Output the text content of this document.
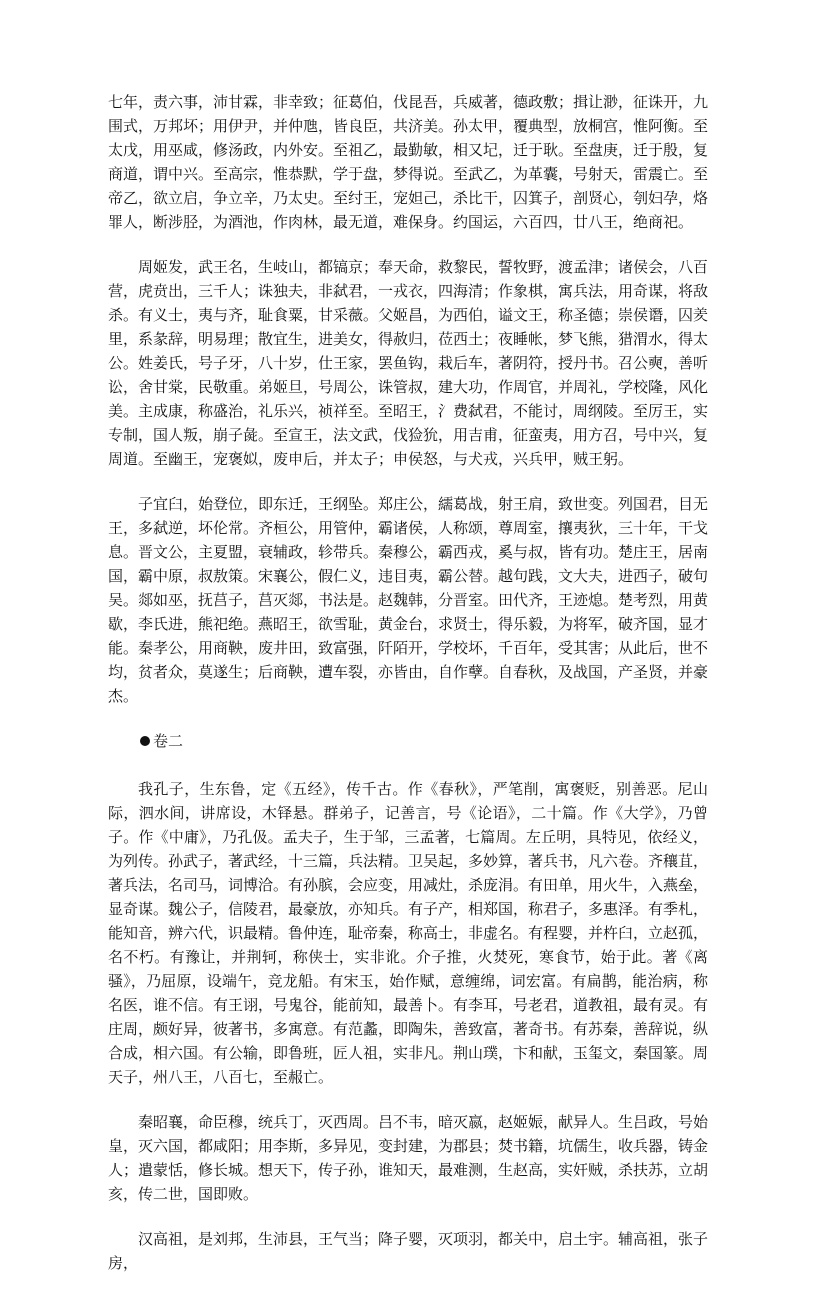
七年，责六事，沛甘霖，非幸致；征葛伯，伐昆吾，兵威著，德政敷；揖让渺，征诛开，九围式，万邦坏；用伊尹，并仲虺，皆良臣，共济美。孙太甲，覆典型，放桐宫，惟阿衡。至太戊，用巫咸，修汤政，内外安。至祖乙，最勤敏，相又圮，迁于耿。至盘庚，迁于殷，复商道，谓中兴。至高宗，惟恭默，学于盘，梦得说。至武乙，为革囊，号射天，雷震亡。至帝乙，欲立启，争立辛，乃太史。至纣王，宠妲己，杀比干，囚箕子，剖贤心，刳妇孕，烙罪人，断涉胫，为酒池，作肉林，最无道，难保身。约国运，六百四，廿八王，绝商祀。

周姬发，武王名，生岐山，都镐京；奉天命，救黎民，誓牧野，渡孟津；诸侯会，八百营，虎贲出，三千人；诛独夫，非弑君，一戎衣，四海清；作象棋，寓兵法，用奇谋，将敌杀。有义士，夷与齐，耻食粟，甘采薇。父姬昌，为西伯，谥文王，称圣德；崇侯谮，囚羑里，系彖辞，明易理；散宜生，进美女，得赦归，莅西土；夜睡帐，梦飞熊，猎渭水，得太公。姓姜氏，号子牙，八十岁，仕王家，罢鱼钩，栽后车，著阴符，授丹书。召公奭，善听讼，舍甘棠，民敬重。弟姬旦，号周公，诛管叔，建大功，作周官，并周礼，学校隆，风化美。主成康，称盛治，礼乐兴，祯祥至。至昭王，氵费弑君，不能讨，周纲陵。至厉王，实专制，国人叛，崩子彘。至宣王，法文武，伐猃狁，用吉甫，征蛮夷，用方召，号中兴，复周道。至幽王，宠褒姒，废申后，并太子；申侯怒，与犬戎，兴兵甲，贼王躬。

子宜臼，始登位，即东迁，王纲坠。郑庄公，繻葛战，射王肩，致世变。列国君，目无王，多弑逆，坏伦常。齐桓公，用管仲，霸诸侯，人称颂，尊周室，攘夷狄，三十年，干戈息。晋文公，主夏盟，衰辅政，轸带兵。秦穆公，霸西戎，奚与叔，皆有功。楚庄王，居南国，霸中原，叔敖策。宋襄公，假仁义，违目夷，霸公替。越句践，文大夫，进西子，破句吴。郯如巫，抚莒子，莒灭郯，书法是。赵魏韩，分晋室。田代齐，王迹熄。楚考烈，用黄歇，李氏进，熊祀绝。燕昭王，欲雪耻，黄金台，求贤士，得乐毅，为将军，破齐国，显才能。秦孝公，用商鞅，废井田，致富强，阡陌开，学校坏，千百年，受其害；从此后，世不均，贫者众，莫遂生；后商鞅，遭车裂，亦皆由，自作孽。自春秋，及战国，产圣贤，并豪杰。

卷二

我孔子，生东鲁，定《五经》，传千古。作《春秋》，严笔削，寓褒贬，别善恶。尼山际，泗水间，讲席设，木铎悬。群弟子，记善言，号《论语》，二十篇。作《大学》，乃曾子。作《中庸》，乃孔伋。孟夫子，生于邹，三孟著，七篇周。左丘明，具特见，依经义，为列传。孙武子，著武经，十三篇，兵法精。卫吴起，多妙算，著兵书，凡六卷。齐穰苴，著兵法，名司马，词博洽。有孙膑，会应变，用减灶，杀庞涓。有田单，用火牛，入燕垒，显奇谋。魏公子，信陵君，最豪放，亦知兵。有子产，相郑国，称君子，多惠泽。有季札，能知音，辨六代，识最精。鲁仲连，耻帝秦，称高士，非虚名。有程婴，并杵臼，立赵孤，名不朽。有豫让，并荆轲，称侠士，实非讹。介子推，火焚死，寒食节，始于此。著《离骚》，乃屈原，设端午，竞龙船。有宋玉，始作赋，意缠绵，词宏富。有扁鹊，能治病，称名医，谁不信。有王诩，号鬼谷，能前知，最善卜。有李耳，号老君，道教祖，最有灵。有庄周，颇好异，彼著书，多寓意。有范蠡，即陶朱，善致富，著奇书。有苏秦，善辞说，纵合成，相六国。有公输，即鲁班，匠人祖，实非凡。荆山璞，卞和献，玉玺文，秦国篆。周天子，州八王，八百七，至赧亡。

秦昭襄，命臣穆，统兵丁，灭西周。吕不韦，暗灭嬴，赵姬娠，献异人。生吕政，号始皇，灭六国，都咸阳；用李斯，多异见，变封建，为郡县；焚书籍，坑儒生，收兵器，铸金人；遣蒙恬，修长城。想天下，传子孙，谁知天，最难测，生赵高，实奸贼，杀扶苏，立胡亥，传二世，国即败。

汉高祖，是刘邦，生沛县，王气当；降子婴，灭项羽，都关中，启土宇。辅高祖，张子房，
